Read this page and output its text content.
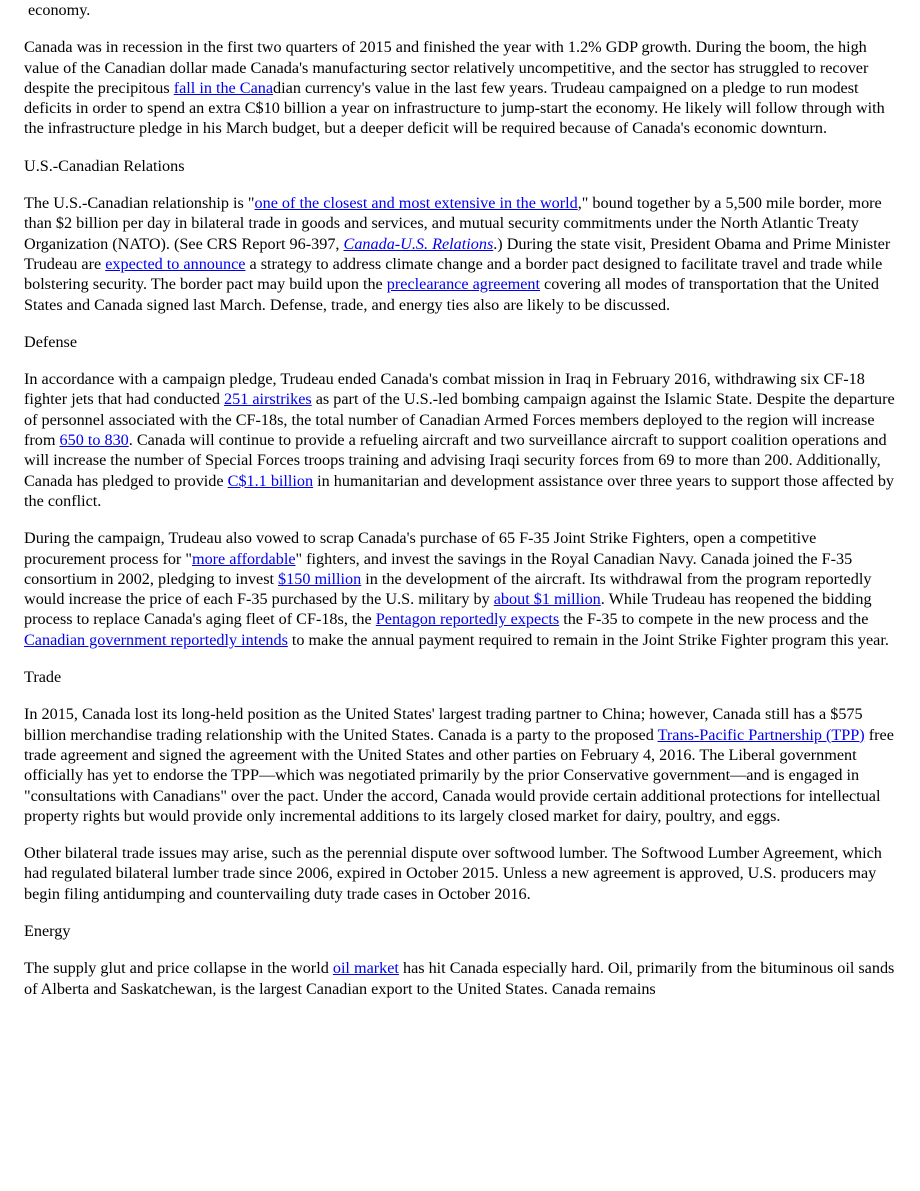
economy.

Canada was in recession in the first two quarters of 2015 and finished the year with 1.2% GDP growth. During the boom, the high value of the Canadian dollar made Canada's manufacturing sector relatively uncompetitive, and the sector has struggled to recover despite the precipitous fall in the Canadian currency's value in the last few years. Trudeau campaigned on a pledge to run modest deficits in order to spend an extra C$10 billion a year on infrastructure to jump-start the economy. He likely will follow through with the infrastructure pledge in his March budget, but a deeper deficit will be required because of Canada's economic downturn.

U.S.-Canadian Relations

The U.S.-Canadian relationship is "one of the closest and most extensive in the world," bound together by a 5,500 mile border, more than $2 billion per day in bilateral trade in goods and services, and mutual security commitments under the North Atlantic Treaty Organization (NATO). (See CRS Report 96-397, Canada-U.S. Relations.) During the state visit, President Obama and Prime Minister Trudeau are expected to announce a strategy to address climate change and a border pact designed to facilitate travel and trade while bolstering security. The border pact may build upon the preclearance agreement covering all modes of transportation that the United States and Canada signed last March. Defense, trade, and energy ties also are likely to be discussed.

Defense

In accordance with a campaign pledge, Trudeau ended Canada's combat mission in Iraq in February 2016, withdrawing six CF-18 fighter jets that had conducted 251 airstrikes as part of the U.S.-led bombing campaign against the Islamic State. Despite the departure of personnel associated with the CF-18s, the total number of Canadian Armed Forces members deployed to the region will increase from 650 to 830. Canada will continue to provide a refueling aircraft and two surveillance aircraft to support coalition operations and will increase the number of Special Forces troops training and advising Iraqi security forces from 69 to more than 200. Additionally, Canada has pledged to provide C$1.1 billion in humanitarian and development assistance over three years to support those affected by the conflict.

During the campaign, Trudeau also vowed to scrap Canada's purchase of 65 F-35 Joint Strike Fighters, open a competitive procurement process for "more affordable" fighters, and invest the savings in the Royal Canadian Navy. Canada joined the F-35 consortium in 2002, pledging to invest $150 million in the development of the aircraft. Its withdrawal from the program reportedly would increase the price of each F-35 purchased by the U.S. military by about $1 million. While Trudeau has reopened the bidding process to replace Canada's aging fleet of CF-18s, the Pentagon reportedly expects the F-35 to compete in the new process and the Canadian government reportedly intends to make the annual payment required to remain in the Joint Strike Fighter program this year.

Trade

In 2015, Canada lost its long-held position as the United States' largest trading partner to China; however, Canada still has a $575 billion merchandise trading relationship with the United States. Canada is a party to the proposed Trans-Pacific Partnership (TPP) free trade agreement and signed the agreement with the United States and other parties on February 4, 2016. The Liberal government officially has yet to endorse the TPP—which was negotiated primarily by the prior Conservative government—and is engaged in "consultations with Canadians" over the pact. Under the accord, Canada would provide certain additional protections for intellectual property rights but would provide only incremental additions to its largely closed market for dairy, poultry, and eggs.

Other bilateral trade issues may arise, such as the perennial dispute over softwood lumber. The Softwood Lumber Agreement, which had regulated bilateral lumber trade since 2006, expired in October 2015. Unless a new agreement is approved, U.S. producers may begin filing antidumping and countervailing duty trade cases in October 2016.

Energy

The supply glut and price collapse in the world oil market has hit Canada especially hard. Oil, primarily from the bituminous oil sands of Alberta and Saskatchewan, is the largest Canadian export to the United States. Canada remains
